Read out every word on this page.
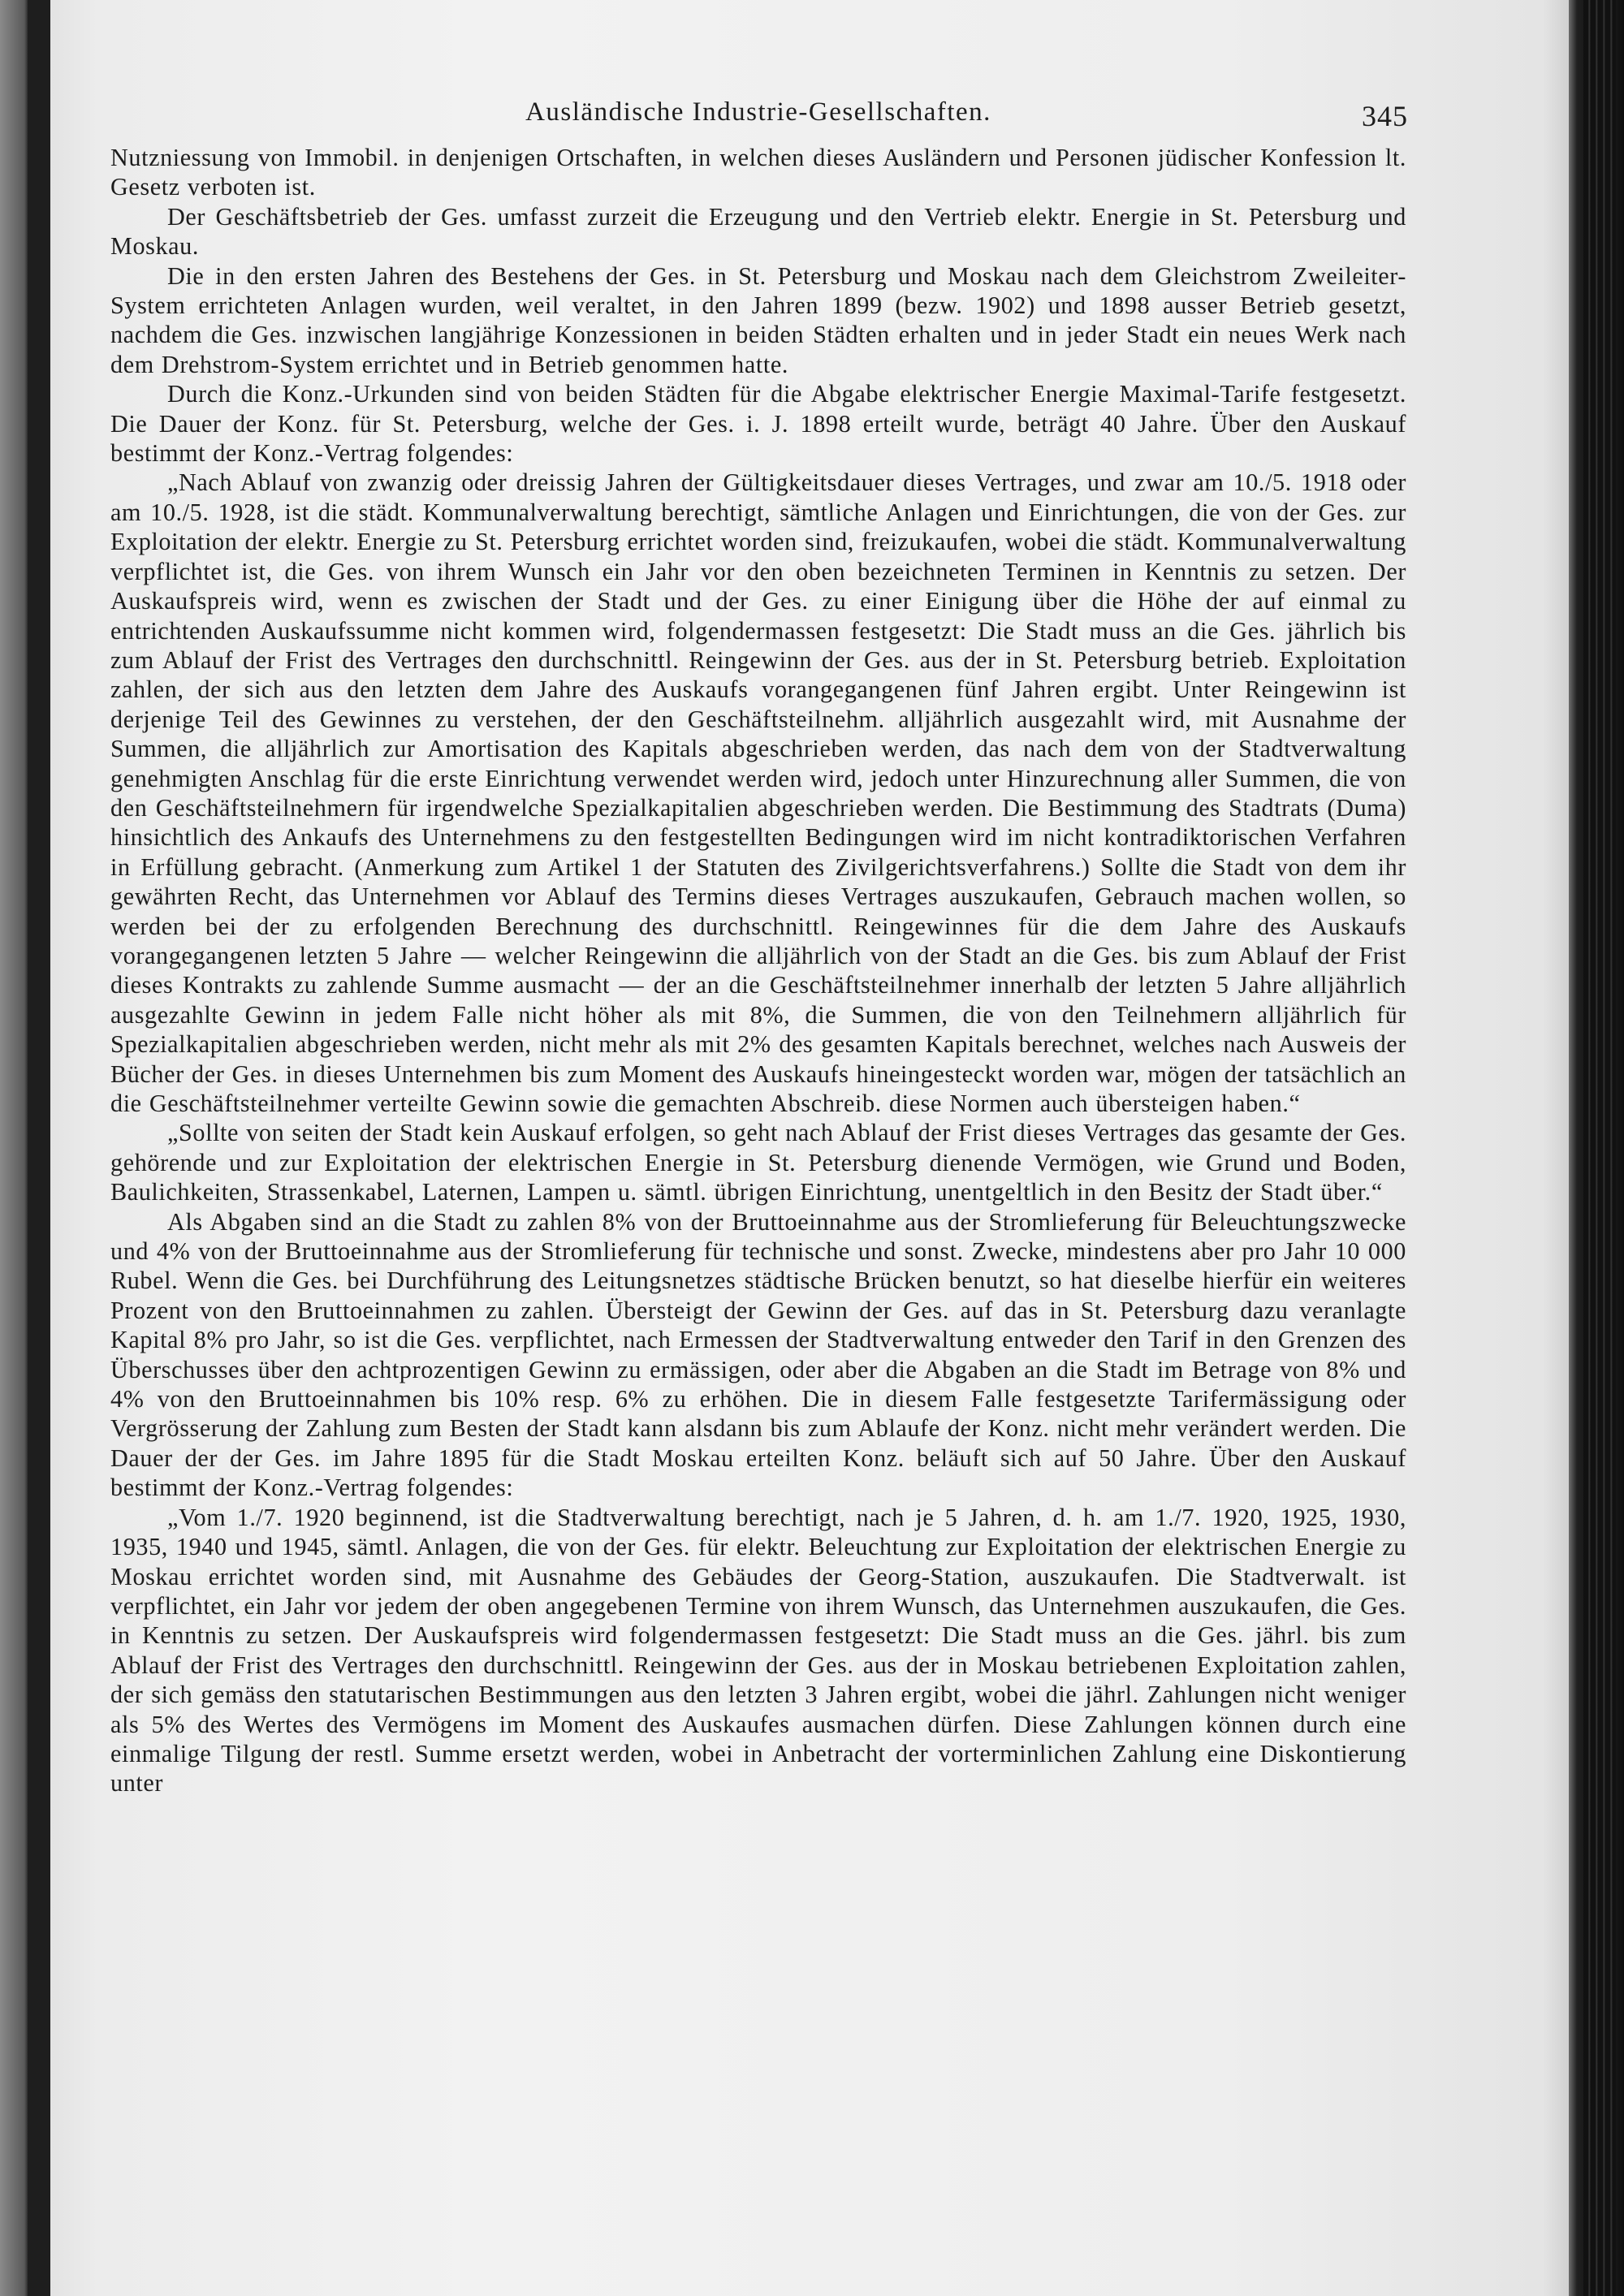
Ausländische Industrie-Gesellschaften.	345

Nutzniessung von Immobil. in denjenigen Ortschaften, in welchen dieses Ausländern und Personen jüdischer Konfession lt. Gesetz verboten ist.

Der Geschäftsbetrieb der Ges. umfasst zurzeit die Erzeugung und den Vertrieb elektr. Energie in St. Petersburg und Moskau.

Die in den ersten Jahren des Bestehens der Ges. in St. Petersburg und Moskau nach dem Gleichstrom Zweileiter-System errichteten Anlagen wurden, weil veraltet, in den Jahren 1899 (bezw. 1902) und 1898 ausser Betrieb gesetzt, nachdem die Ges. inzwischen langjährige Konzessionen in beiden Städten erhalten und in jeder Stadt ein neues Werk nach dem Drehstrom-System errichtet und in Betrieb genommen hatte.

Durch die Konz.-Urkunden sind von beiden Städten für die Abgabe elektrischer Energie Maximal-Tarife festgesetzt. Die Dauer der Konz. für St. Petersburg, welche der Ges. i. J. 1898 erteilt wurde, beträgt 40 Jahre. Über den Auskauf bestimmt der Konz.-Vertrag folgendes:

„Nach Ablauf von zwanzig oder dreissig Jahren der Gültigkeitsdauer dieses Vertrages, und zwar am 10./5. 1918 oder am 10./5. 1928, ist die städt. Kommunalverwaltung berechtigt, sämtliche Anlagen und Einrichtungen, die von der Ges. zur Exploitation der elektr. Energie zu St. Petersburg errichtet worden sind, freizukaufen, wobei die städt. Kommunalverwaltung verpflichtet ist, die Ges. von ihrem Wunsch ein Jahr vor den oben bezeichneten Terminen in Kenntnis zu setzen. Der Auskaufspreis wird, wenn es zwischen der Stadt und der Ges. zu einer Einigung über die Höhe der auf einmal zu entrichtenden Auskaufssumme nicht kommen wird, folgendermassen festgesetzt: Die Stadt muss an die Ges. jährlich bis zum Ablauf der Frist des Vertrages den durchschnittl. Reingewinn der Ges. aus der in St. Petersburg betrieb. Exploitation zahlen, der sich aus den letzten dem Jahre des Auskaufs vorangegangenen fünf Jahren ergibt. Unter Reingewinn ist derjenige Teil des Gewinnes zu verstehen, der den Geschäftsteilnehm. alljährlich ausgezahlt wird, mit Ausnahme der Summen, die alljährlich zur Amortisation des Kapitals abgeschrieben werden, das nach dem von der Stadtverwaltung genehmigten Anschlag für die erste Einrichtung verwendet werden wird, jedoch unter Hinzurechnung aller Summen, die von den Geschäftsteilnehmern für irgendwelche Spezialkapitalien abgeschrieben werden. Die Bestimmung des Stadtrats (Duma) hinsichtlich des Ankaufs des Unternehmens zu den festgestellten Bedingungen wird im nicht kontradiktorischen Verfahren in Erfüllung gebracht. (Anmerkung zum Artikel 1 der Statuten des Zivilgerichtsverfahrens.) Sollte die Stadt von dem ihr gewährten Recht, das Unternehmen vor Ablauf des Termins dieses Vertrages auszukaufen, Gebrauch machen wollen, so werden bei der zu erfolgenden Berechnung des durchschnittl. Reingewinnes für die dem Jahre des Auskaufs vorangegangenen letzten 5 Jahre — welcher Reingewinn die alljährlich von der Stadt an die Ges. bis zum Ablauf der Frist dieses Kontrakts zu zahlende Summe ausmacht — der an die Geschäftsteilnehmer innerhalb der letzten 5 Jahre alljährlich ausgezahlte Gewinn in jedem Falle nicht höher als mit 8%, die Summen, die von den Teilnehmern alljährlich für Spezialkapitalien abgeschrieben werden, nicht mehr als mit 2% des gesamten Kapitals berechnet, welches nach Ausweis der Bücher der Ges. in dieses Unternehmen bis zum Moment des Auskaufs hineingesteckt worden war, mögen der tatsächlich an die Geschäftsteilnehmer verteilte Gewinn sowie die gemachten Abschreib. diese Normen auch übersteigen haben.“

„Sollte von seiten der Stadt kein Auskauf erfolgen, so geht nach Ablauf der Frist dieses Vertrages das gesamte der Ges. gehörende und zur Exploitation der elektrischen Energie in St. Petersburg dienende Vermögen, wie Grund und Boden, Baulichkeiten, Strassenkabel, Laternen, Lampen u. sämtl. übrigen Einrichtung, unentgeltlich in den Besitz der Stadt über.“

Als Abgaben sind an die Stadt zu zahlen 8% von der Bruttoeinnahme aus der Stromlieferung für Beleuchtungszwecke und 4% von der Bruttoeinnahme aus der Stromlieferung für technische und sonst. Zwecke, mindestens aber pro Jahr 10 000 Rubel. Wenn die Ges. bei Durchführung des Leitungsnetzes städtische Brücken benutzt, so hat dieselbe hierfür ein weiteres Prozent von den Bruttoeinnahmen zu zahlen. Übersteigt der Gewinn der Ges. auf das in St. Petersburg dazu veranlagte Kapital 8% pro Jahr, so ist die Ges. verpflichtet, nach Ermessen der Stadtverwaltung entweder den Tarif in den Grenzen des Überschusses über den achtprozentigen Gewinn zu ermässigen, oder aber die Abgaben an die Stadt im Betrage von 8% und 4% von den Bruttoeinnahmen bis 10% resp. 6% zu erhöhen. Die in diesem Falle festgesetzte Tarifermässigung oder Vergrösserung der Zahlung zum Besten der Stadt kann alsdann bis zum Ablaufe der Konz. nicht mehr verändert werden. Die Dauer der der Ges. im Jahre 1895 für die Stadt Moskau erteilten Konz. beläuft sich auf 50 Jahre. Über den Auskauf bestimmt der Konz.-Vertrag folgendes:

„Vom 1./7. 1920 beginnend, ist die Stadtverwaltung berechtigt, nach je 5 Jahren, d. h. am 1./7. 1920, 1925, 1930, 1935, 1940 und 1945, sämtl. Anlagen, die von der Ges. für elektr. Beleuchtung zur Exploitation der elektrischen Energie zu Moskau errichtet worden sind, mit Ausnahme des Gebäudes der Georg-Station, auszukaufen. Die Stadtverwalt. ist verpflichtet, ein Jahr vor jedem der oben angegebenen Termine von ihrem Wunsch, das Unternehmen auszukaufen, die Ges. in Kenntnis zu setzen. Der Auskaufspreis wird folgendermassen festgesetzt: Die Stadt muss an die Ges. jährl. bis zum Ablauf der Frist des Vertrages den durchschnittl. Reingewinn der Ges. aus der in Moskau betriebenen Exploitation zahlen, der sich gemäss den statutarischen Bestimmungen aus den letzten 3 Jahren ergibt, wobei die jährl. Zahlungen nicht weniger als 5% des Wertes des Vermögens im Moment des Auskaufes ausmachen dürfen. Diese Zahlungen können durch eine einmalige Tilgung der restl. Summe ersetzt werden, wobei in Anbetracht der vorterminlichen Zahlung eine Diskontierung unter
